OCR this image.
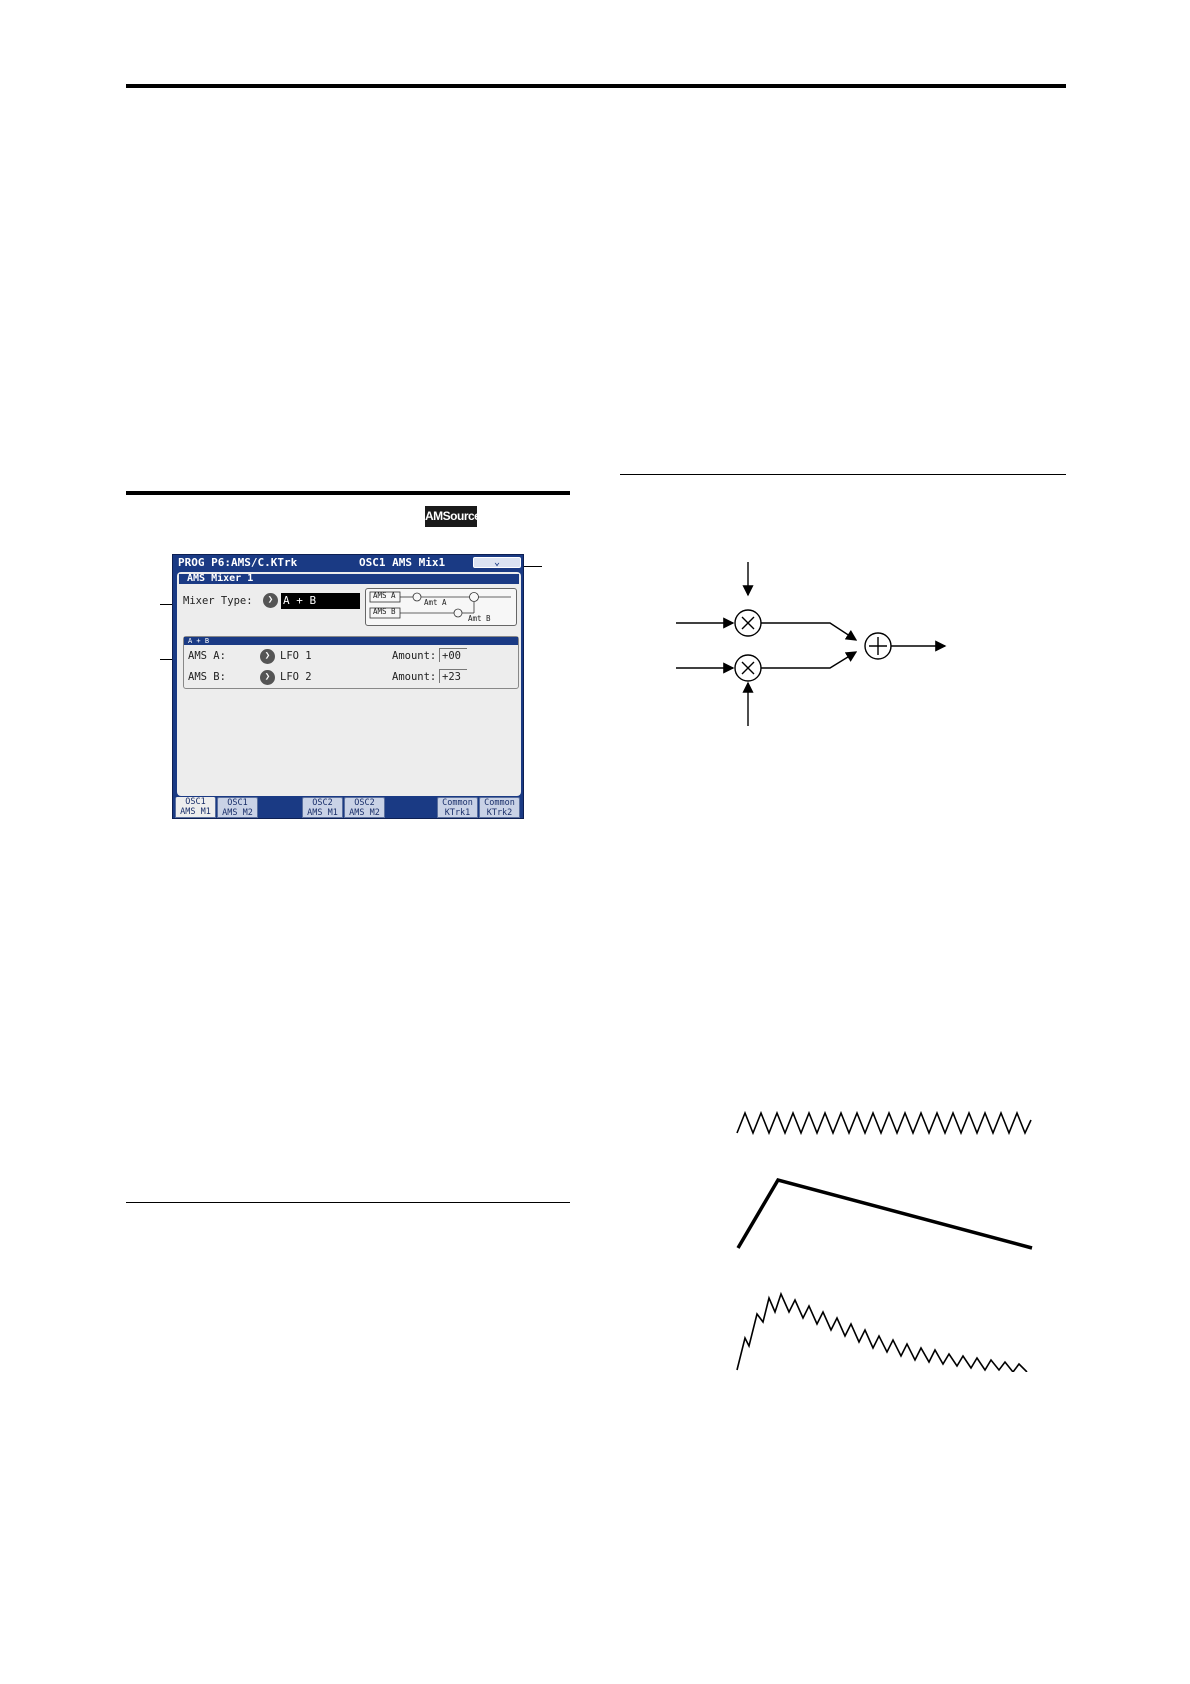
AMSource
PROG P6:AMS/C.KTrk	OSC1 AMS Mix1	⌄
AMS Mixer 1
Mixer Type:	❯ A + B	AMS A
AMS B
Amt A
Amt B
A + B
AMS A:	❯ LFO 1	Amount: +00
AMS B:	❯ LFO 2	Amount: +23
OSC1
AMS M1
OSC1
AMS M2
OSC2
AMS M1
OSC2
AMS M2
Common
KTrk1
Common
KTrk2
